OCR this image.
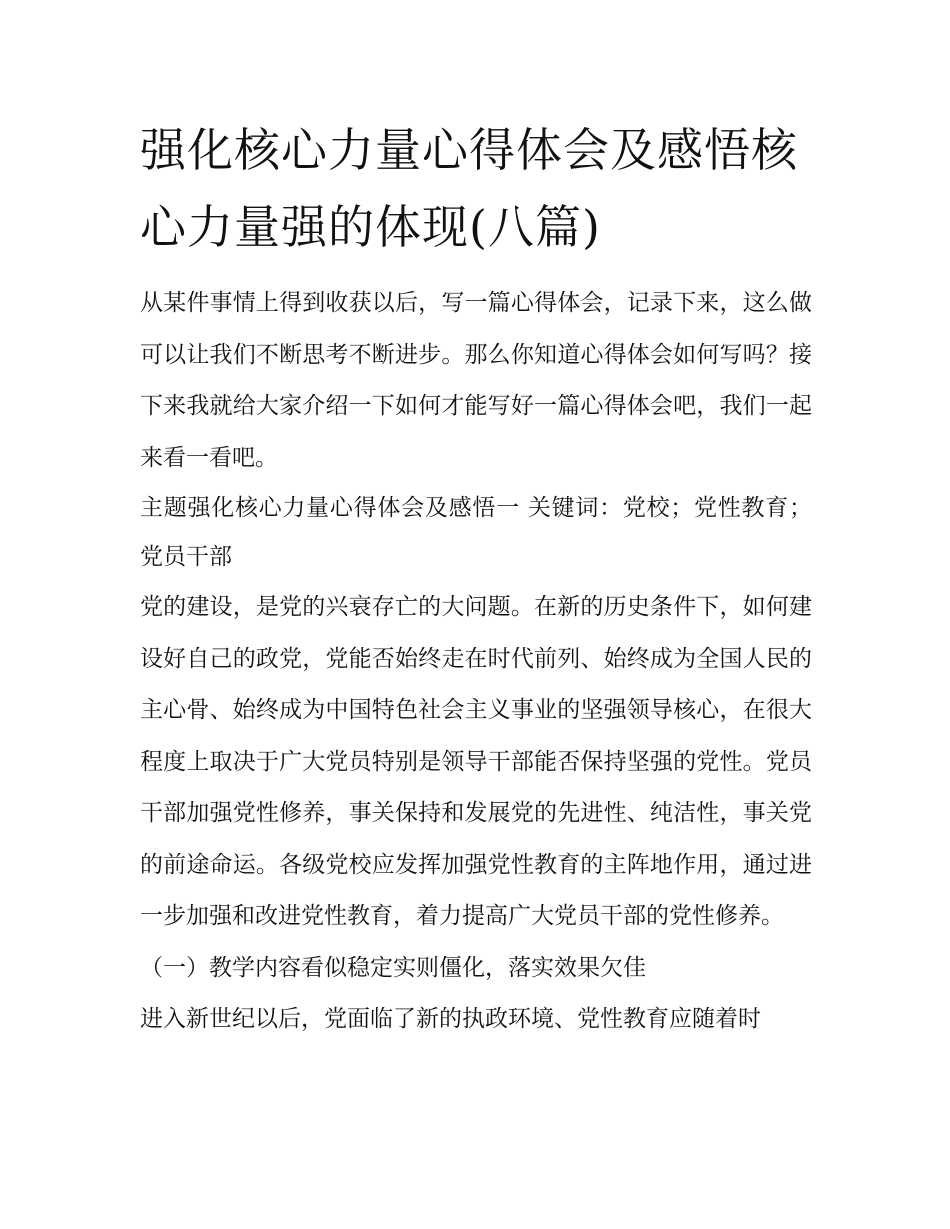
强化核心力量心得体会及感悟核心力量强的体现(八篇)

从某件事情上得到收获以后，写一篇心得体会，记录下来，这么做可以让我们不断思考不断进步。那么你知道心得体会如何写吗？接下来我就给大家介绍一下如何才能写好一篇心得体会吧，我们一起来看一看吧。

主题强化核心力量心得体会及感悟一 关键词：党校；党性教育；党员干部

党的建设，是党的兴衰存亡的大问题。在新的历史条件下，如何建设好自己的政党，党能否始终走在时代前列、始终成为全国人民的主心骨、始终成为中国特色社会主义事业的坚强领导核心，在很大程度上取决于广大党员特别是领导干部能否保持坚强的党性。党员干部加强党性修养，事关保持和发展党的先进性、纯洁性，事关党的前途命运。各级党校应发挥加强党性教育的主阵地作用，通过进一步加强和改进党性教育，着力提高广大党员干部的党性修养。

（一）教学内容看似稳定实则僵化，落实效果欠佳

进入新世纪以后，党面临了新的执政环境、党性教育应随着时
